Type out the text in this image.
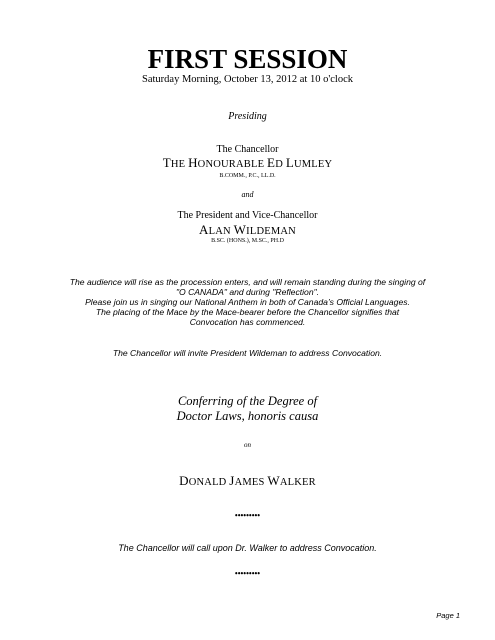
FIRST SESSION
Saturday Morning, October 13, 2012 at 10 o'clock
Presiding
The Chancellor
THE HONOURABLE ED LUMLEY
B.COMM., P.C., LL.D.
and
The President and Vice-Chancellor
ALAN WILDEMAN
B.SC. (HONS.), M.SC., PH.D
The audience will rise as the procession enters, and will remain standing during the singing of
"O CANADA" and during "Reflection".
Please join us in singing our National Anthem in both of Canada’s Official Languages.
The placing of the Mace by the Mace-bearer before the Chancellor signifies that
Convocation has commenced.
The Chancellor will invite President Wildeman to address Convocation.
Conferring of the Degree of
Doctor Laws, honoris causa
on
DONALD JAMES WALKER
•••••••••
The Chancellor will call upon Dr. Walker to address Convocation.
•••••••••
Page 1
